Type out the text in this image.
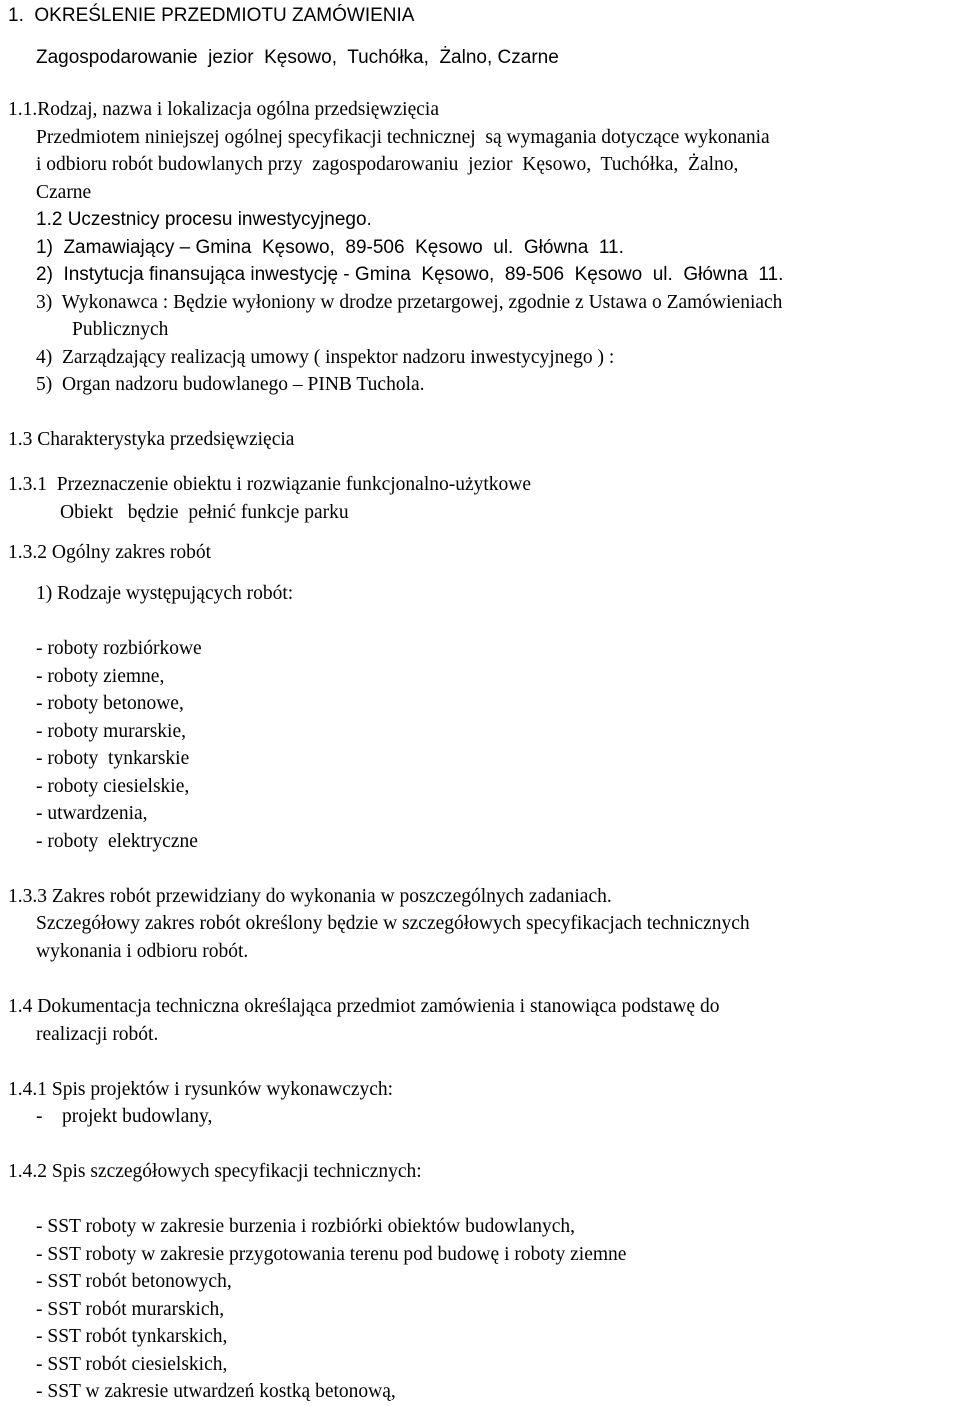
1.  OKREŚLENIE PRZEDMIOTU ZAMÓWIENIA
Zagospodarowanie  jezior  Kęsowo,  Tuchółka,  Żalno, Czarne
1.1.Rodzaj, nazwa i lokalizacja ogólna przedsięwzięcia
Przedmiotem niniejszej ogólnej specyfikacji technicznej  są wymagania dotyczące wykonania
i odbioru robót budowlanych przy  zagospodarowaniu  jezior  Kęsowo,  Tuchółka,  Żalno,
Czarne
1.2 Uczestnicy procesu inwestycyjnego.
1)  Zamawiający – Gmina  Kęsowo,  89-506  Kęsowo  ul.  Główna  11.
2)  Instytucja finansująca inwestycję - Gmina  Kęsowo,  89-506  Kęsowo  ul.  Główna  11.
3)  Wykonawca : Będzie wyłoniony w drodze przetargowej, zgodnie z Ustawa o Zamówieniach
Publicznych
4)  Zarządzający realizacją umowy ( inspektor nadzoru inwestycyjnego ) :
5)  Organ nadzoru budowlanego – PINB Tuchola.
1.3 Charakterystyka przedsięwzięcia
1.3.1  Przeznaczenie obiektu i rozwiązanie funkcjonalno-użytkowe
Obiekt   będzie  pełnić funkcje parku
1.3.2 Ogólny zakres robót
1) Rodzaje występujących robót:
- roboty rozbiórkowe
- roboty ziemne,
- roboty betonowe,
- roboty murarskie,
- roboty  tynkarskie
- roboty ciesielskie,
- utwardzenia,
- roboty  elektryczne
1.3.3 Zakres robót przewidziany do wykonania w poszczególnych zadaniach.
Szczegółowy zakres robót określony będzie w szczegółowych specyfikacjach technicznych
wykonania i odbioru robót.
1.4 Dokumentacja techniczna określająca przedmiot zamówienia i stanowiąca podstawę do
realizacji robót.
1.4.1 Spis projektów i rysunków wykonawczych:
-    projekt budowlany,
1.4.2 Spis szczegółowych specyfikacji technicznych:
- SST roboty w zakresie burzenia i rozbiórki obiektów budowlanych,
- SST roboty w zakresie przygotowania terenu pod budowę i roboty ziemne
- SST robót betonowych,
- SST robót murarskich,
- SST robót tynkarskich,
- SST robót ciesielskich,
- SST w zakresie utwardzeń kostką betonową,
